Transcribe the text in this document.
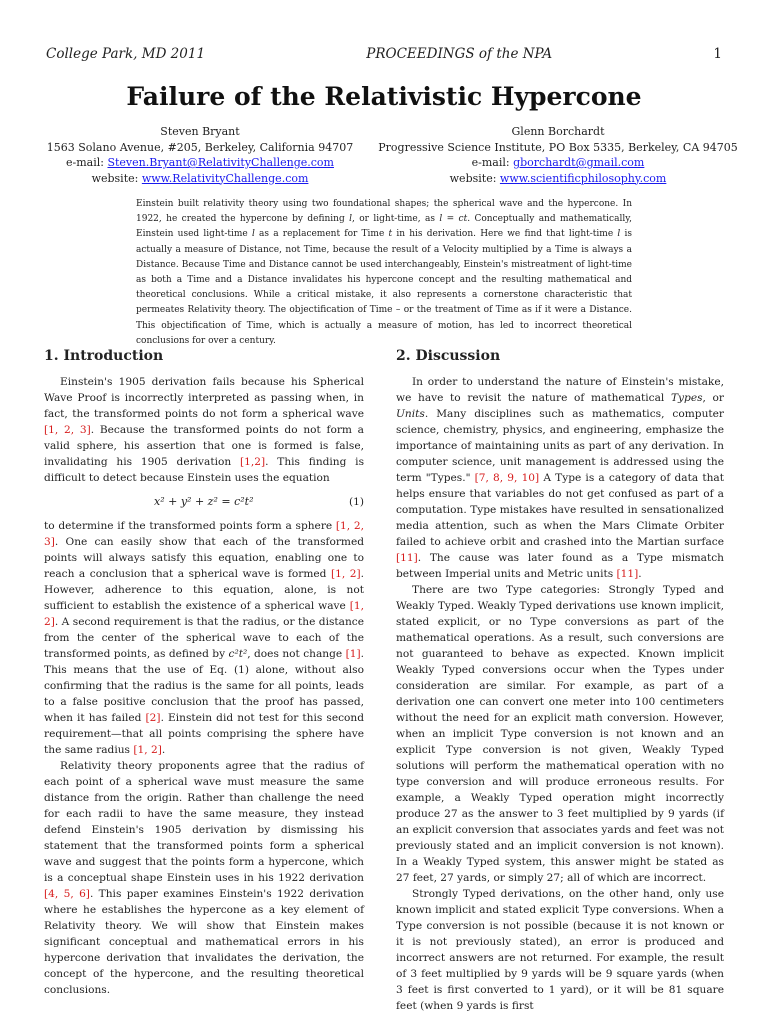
College Park, MD 2011	PROCEEDINGS of the NPA	1
Failure of the Relativistic Hypercone
Steven Bryant
1563 Solano Avenue, #205, Berkeley, California 94707
e-mail: Steven.Bryant@RelativityChallenge.com
website: www.RelativityChallenge.com
Glenn Borchardt
Progressive Science Institute, PO Box 5335, Berkeley, CA 94705
e-mail: gborchardt@gmail.com
website: www.scientificphilosophy.com
Einstein built relativity theory using two foundational shapes; the spherical wave and the hypercone. In 1922, he created the hypercone by defining l, or light-time, as l = ct. Conceptually and mathematically, Einstein used light-time l as a replacement for Time t in his derivation. Here we find that light-time l is actually a measure of Distance, not Time, because the result of a Velocity multiplied by a Time is always a Distance. Because Time and Distance cannot be used interchangeably, Einstein's mistreatment of light-time as both a Time and a Distance invalidates his hypercone concept and the resulting mathematical and theoretical conclusions. While a critical mistake, it also represents a cornerstone characteristic that permeates Relativity theory. The objectification of Time – or the treatment of Time as if it were a Distance. This objectification of Time, which is actually a measure of motion, has led to incorrect theoretical conclusions for over a century.
1. Introduction

Einstein's 1905 derivation fails because his Spherical Wave Proof is incorrectly interpreted as passing when, in fact, the transformed points do not form a spherical wave [1, 2, 3]. Because the transformed points do not form a valid sphere, his assertion that one is formed is false, invalidating his 1905 derivation [1,2]. This finding is difficult to detect because Einstein uses the equation

x² + y² + z² = c²t²	(1)

to determine if the transformed points form a sphere [1, 2, 3]. One can easily show that each of the transformed points will always satisfy this equation, enabling one to reach a conclusion that a spherical wave is formed [1, 2]. However, adherence to this equation, alone, is not sufficient to establish the existence of a spherical wave [1, 2]. A second requirement is that the radius, or the distance from the center of the spherical wave to each of the transformed points, as defined by c²t², does not change [1]. This means that the use of Eq. (1) alone, without also confirming that the radius is the same for all points, leads to a false positive conclusion that the proof has passed, when it has failed [2]. Einstein did not test for this second requirement—that all points comprising the sphere have the same radius [1, 2].

Relativity theory proponents agree that the radius of each point of a spherical wave must measure the same distance from the origin. Rather than challenge the need for each radii to have the same measure, they instead defend Einstein's 1905 derivation by dismissing his statement that the transformed points form a spherical wave and suggest that the points form a hypercone, which is a conceptual shape Einstein uses in his 1922 derivation [4, 5, 6]. This paper examines Einstein's 1922 derivation where he establishes the hypercone as a key element of Relativity theory. We will show that Einstein makes significant conceptual and mathematical errors in his hypercone derivation that invalidates the derivation, the concept of the hypercone, and the resulting theoretical conclusions.

2. Discussion

In order to understand the nature of Einstein's mistake, we have to revisit the nature of mathematical Types, or Units. Many disciplines such as mathematics, computer science, chemistry, physics, and engineering, emphasize the importance of maintaining units as part of any derivation. In computer science, unit management is addressed using the term "Types." [7, 8, 9, 10] A Type is a category of data that helps ensure that variables do not get confused as part of a computation. Type mistakes have resulted in sensationalized media attention, such as when the Mars Climate Orbiter failed to achieve orbit and crashed into the Martian surface [11]. The cause was later found as a Type mismatch between Imperial units and Metric units [11].

There are two Type categories: Strongly Typed and Weakly Typed. Weakly Typed derivations use known implicit, stated explicit, or no Type conversions as part of the mathematical operations. As a result, such conversions are not guaranteed to behave as expected. Known implicit Weakly Typed conversions occur when the Types under consideration are similar. For example, as part of a derivation one can convert one meter into 100 centimeters without the need for an explicit math conversion. However, when an implicit Type conversion is not known and an explicit Type conversion is not given, Weakly Typed solutions will perform the mathematical operation with no type conversion and will produce erroneous results. For example, a Weakly Typed operation might incorrectly produce 27 as the answer to 3 feet multiplied by 9 yards (if an explicit conversion that associates yards and feet was not previously stated and an implicit conversion is not known). In a Weakly Typed system, this answer might be stated as 27 feet, 27 yards, or simply 27; all of which are incorrect.

Strongly Typed derivations, on the other hand, only use known implicit and stated explicit Type conversions. When a Type conversion is not possible (because it is not known or it is not previously stated), an error is produced and incorrect answers are not returned. For example, the result of 3 feet multiplied by 9 yards will be 9 square yards (when 3 feet is first converted to 1 yard), or it will be 81 square feet (when 9 yards is first
